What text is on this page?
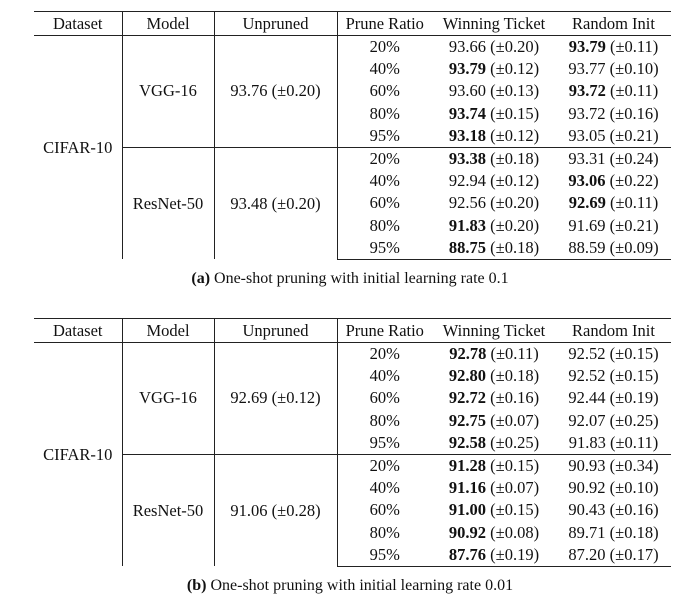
Dataset	Model	Unpruned	Prune Ratio	Winning Ticket	Random Init
CIFAR-10	VGG-16	93.76 (±0.20)	20%	93.66 (±0.20)	93.79 (±0.11)
			40%	93.79 (±0.12)	93.77 (±0.10)
			60%	93.60 (±0.13)	93.72 (±0.11)
			80%	93.74 (±0.15)	93.72 (±0.16)
			95%	93.18 (±0.12)	93.05 (±0.21)
	ResNet-50	93.48 (±0.20)	20%	93.38 (±0.18)	93.31 (±0.24)
			40%	92.94 (±0.12)	93.06 (±0.22)
			60%	92.56 (±0.20)	92.69 (±0.11)
			80%	91.83 (±0.20)	91.69 (±0.21)
			95%	88.75 (±0.18)	88.59 (±0.09)
(a) One-shot pruning with initial learning rate 0.1
Dataset	Model	Unpruned	Prune Ratio	Winning Ticket	Random Init
CIFAR-10	VGG-16	92.69 (±0.12)	20%	92.78 (±0.11)	92.52 (±0.15)
			40%	92.80 (±0.18)	92.52 (±0.15)
			60%	92.72 (±0.16)	92.44 (±0.19)
			80%	92.75 (±0.07)	92.07 (±0.25)
			95%	92.58 (±0.25)	91.83 (±0.11)
	ResNet-50	91.06 (±0.28)	20%	91.28 (±0.15)	90.93 (±0.34)
			40%	91.16 (±0.07)	90.92 (±0.10)
			60%	91.00 (±0.15)	90.43 (±0.16)
			80%	90.92 (±0.08)	89.71 (±0.18)
			95%	87.76 (±0.19)	87.20 (±0.17)
(b) One-shot pruning with initial learning rate 0.01
